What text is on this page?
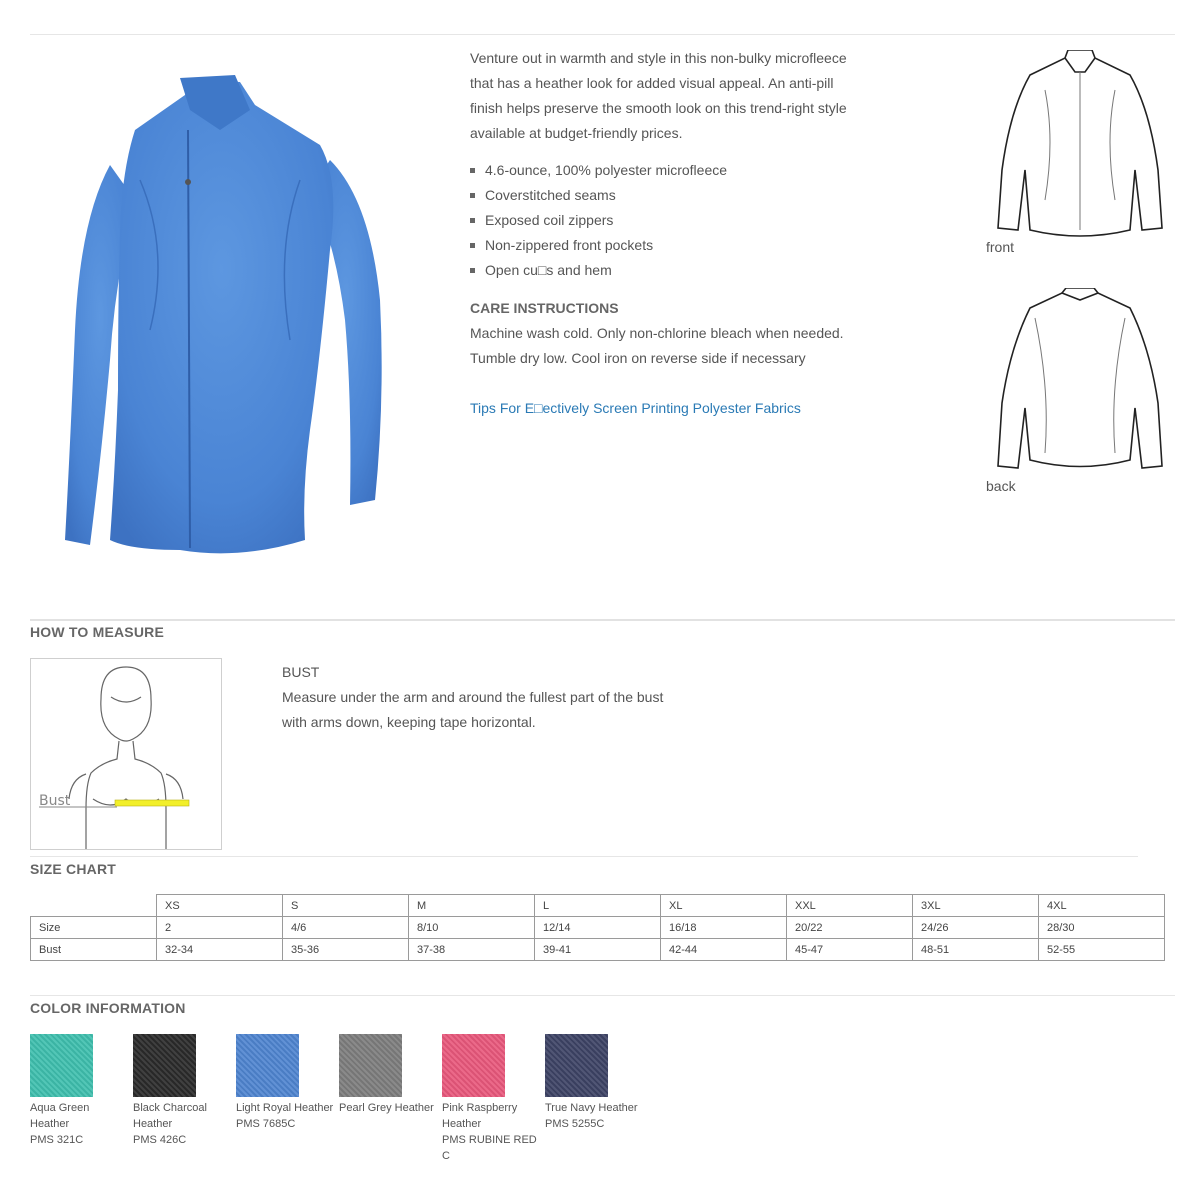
Venture out in warmth and style in this non-bulky microfleece that has a heather look for added visual appeal. An anti-pill finish helps preserve the smooth look on this trend-right style available at budget-friendly prices.

4.6-ounce, 100% polyester microfleece
Coverstitched seams
Exposed coil zippers
Non-zippered front pockets
Open cu□s and hem
CARE INSTRUCTIONS
Machine wash cold. Only non-chlorine bleach when needed.
Tumble dry low. Cool iron on reverse side if necessary
Tips For E□ectively Screen Printing Polyester Fabrics
front
back
HOW TO MEASURE
Bust
BUST
Measure under the arm and around the fullest part of the bust
with arms down, keeping tape horizontal.
SIZE CHART
	XS	S	M	L	XL	XXL	3XL	4XL
Size	2	4/6	8/10	12/14	16/18	20/22	24/26	28/30
Bust	32-34	35-36	37-38	39-41	42-44	45-47	48-51	52-55
COLOR INFORMATION
Aqua Green Heather
PMS 321C
Black Charcoal Heather
PMS 426C
Light Royal Heather
PMS 7685C
Pearl Grey Heather Pink Raspberry Heather
PMS RUBINE RED C
True Navy Heather
PMS 5255C
